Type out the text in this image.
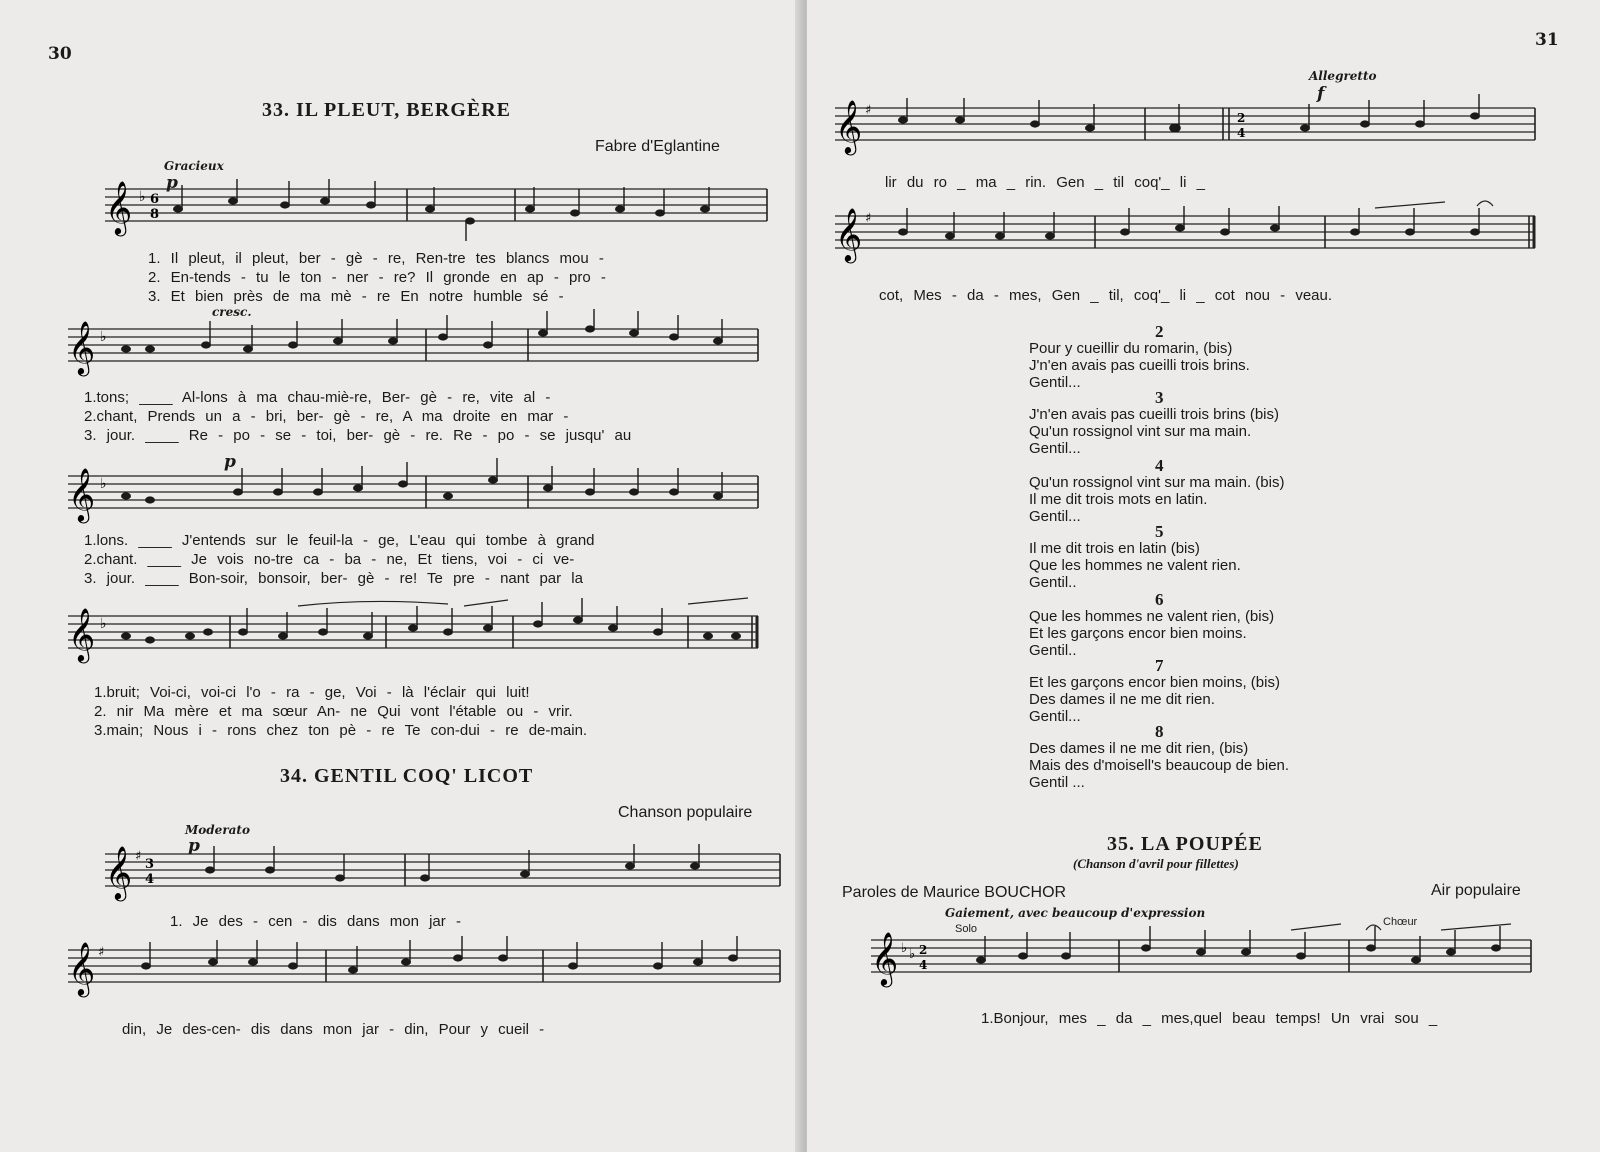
30
33. IL PLEUT, BERGÈRE
Fabre d'Eglantine
Gracieux
p
𝄞 ♭ 6
8
1. Il pleut, il pleut, ber - gè - re, Ren-tre tes blancs mou -
2. En-tends - tu le ton - ner - re? Il gronde en ap - pro -
3. Et bien près de ma mè - re En notre humble sé -
cresc.
𝄞 ♭
1.tons; ____ Al-lons à ma chau-miè-re, Ber- gè - re, vite al -
2.chant, Prends un a - bri, ber- gè - re, A ma droite en mar -
3. jour. ____ Re - po - se - toi, ber- gè - re. Re - po - se jusqu' au
p
𝄞 ♭
1.lons. ____ J'entends sur le feuil-la - ge, L'eau qui tombe à grand
2.chant. ____ Je vois no-tre ca - ba - ne, Et tiens, voi - ci ve-
3. jour. ____ Bon-soir, bonsoir, ber- gè - re! Te pre - nant par la
𝄞 ♭
1.bruit; Voi-ci, voi-ci l'o - ra - ge, Voi - là l'éclair qui luit!
2. nir Ma mère et ma sœur An- ne Qui vont l'étable ou - vrir.
3.main; Nous i - rons chez ton pè - re Te con-dui - re de-main.
34. GENTIL COQ' LICOT
Chanson populaire
Moderato
p
𝄞 ♯
3
4
1. Je des - cen - dis dans mon jar -
𝄞 ♯
din, Je des-cen- dis dans mon jar - din, Pour y cueil -
31
Allegretto
f
𝄞 ♯	2
4
lir du ro _ ma _ rin. Gen _ til coq'_ li _
𝄞 ♯
cot, Mes - da - mes, Gen _ til, coq'_ li _ cot nou - veau.
2
Pour y cueillir du romarin, (bis)
J'n'en avais pas cueilli trois brins.
Gentil...
3
J'n'en avais pas cueilli trois brins (bis)
Qu'un rossignol vint sur ma main.
Gentil...
4
Qu'un rossignol vint sur ma main. (bis)
Il me dit trois mots en latin.
Gentil...
5
Il me dit trois en latin (bis)
Que les hommes ne valent rien.
Gentil..
6
Que les hommes ne valent rien, (bis)
Et les garçons encor bien moins.
Gentil..
7
Et les garçons encor bien moins, (bis)
Des dames il ne me dit rien.
Gentil...
8
Des dames il ne me dit rien, (bis)
Mais des d'moisell's beaucoup de bien.
Gentil ...
35. LA POUPÉE
(Chanson d'avril pour fillettes)
Paroles de Maurice BOUCHOR	Air populaire
Gaiement, avec beaucoup d'expression
Solo
Chœur
𝄞 ♭ ♭ 2
4
1.Bonjour, mes _ da _ mes,quel beau temps! Un vrai sou _
